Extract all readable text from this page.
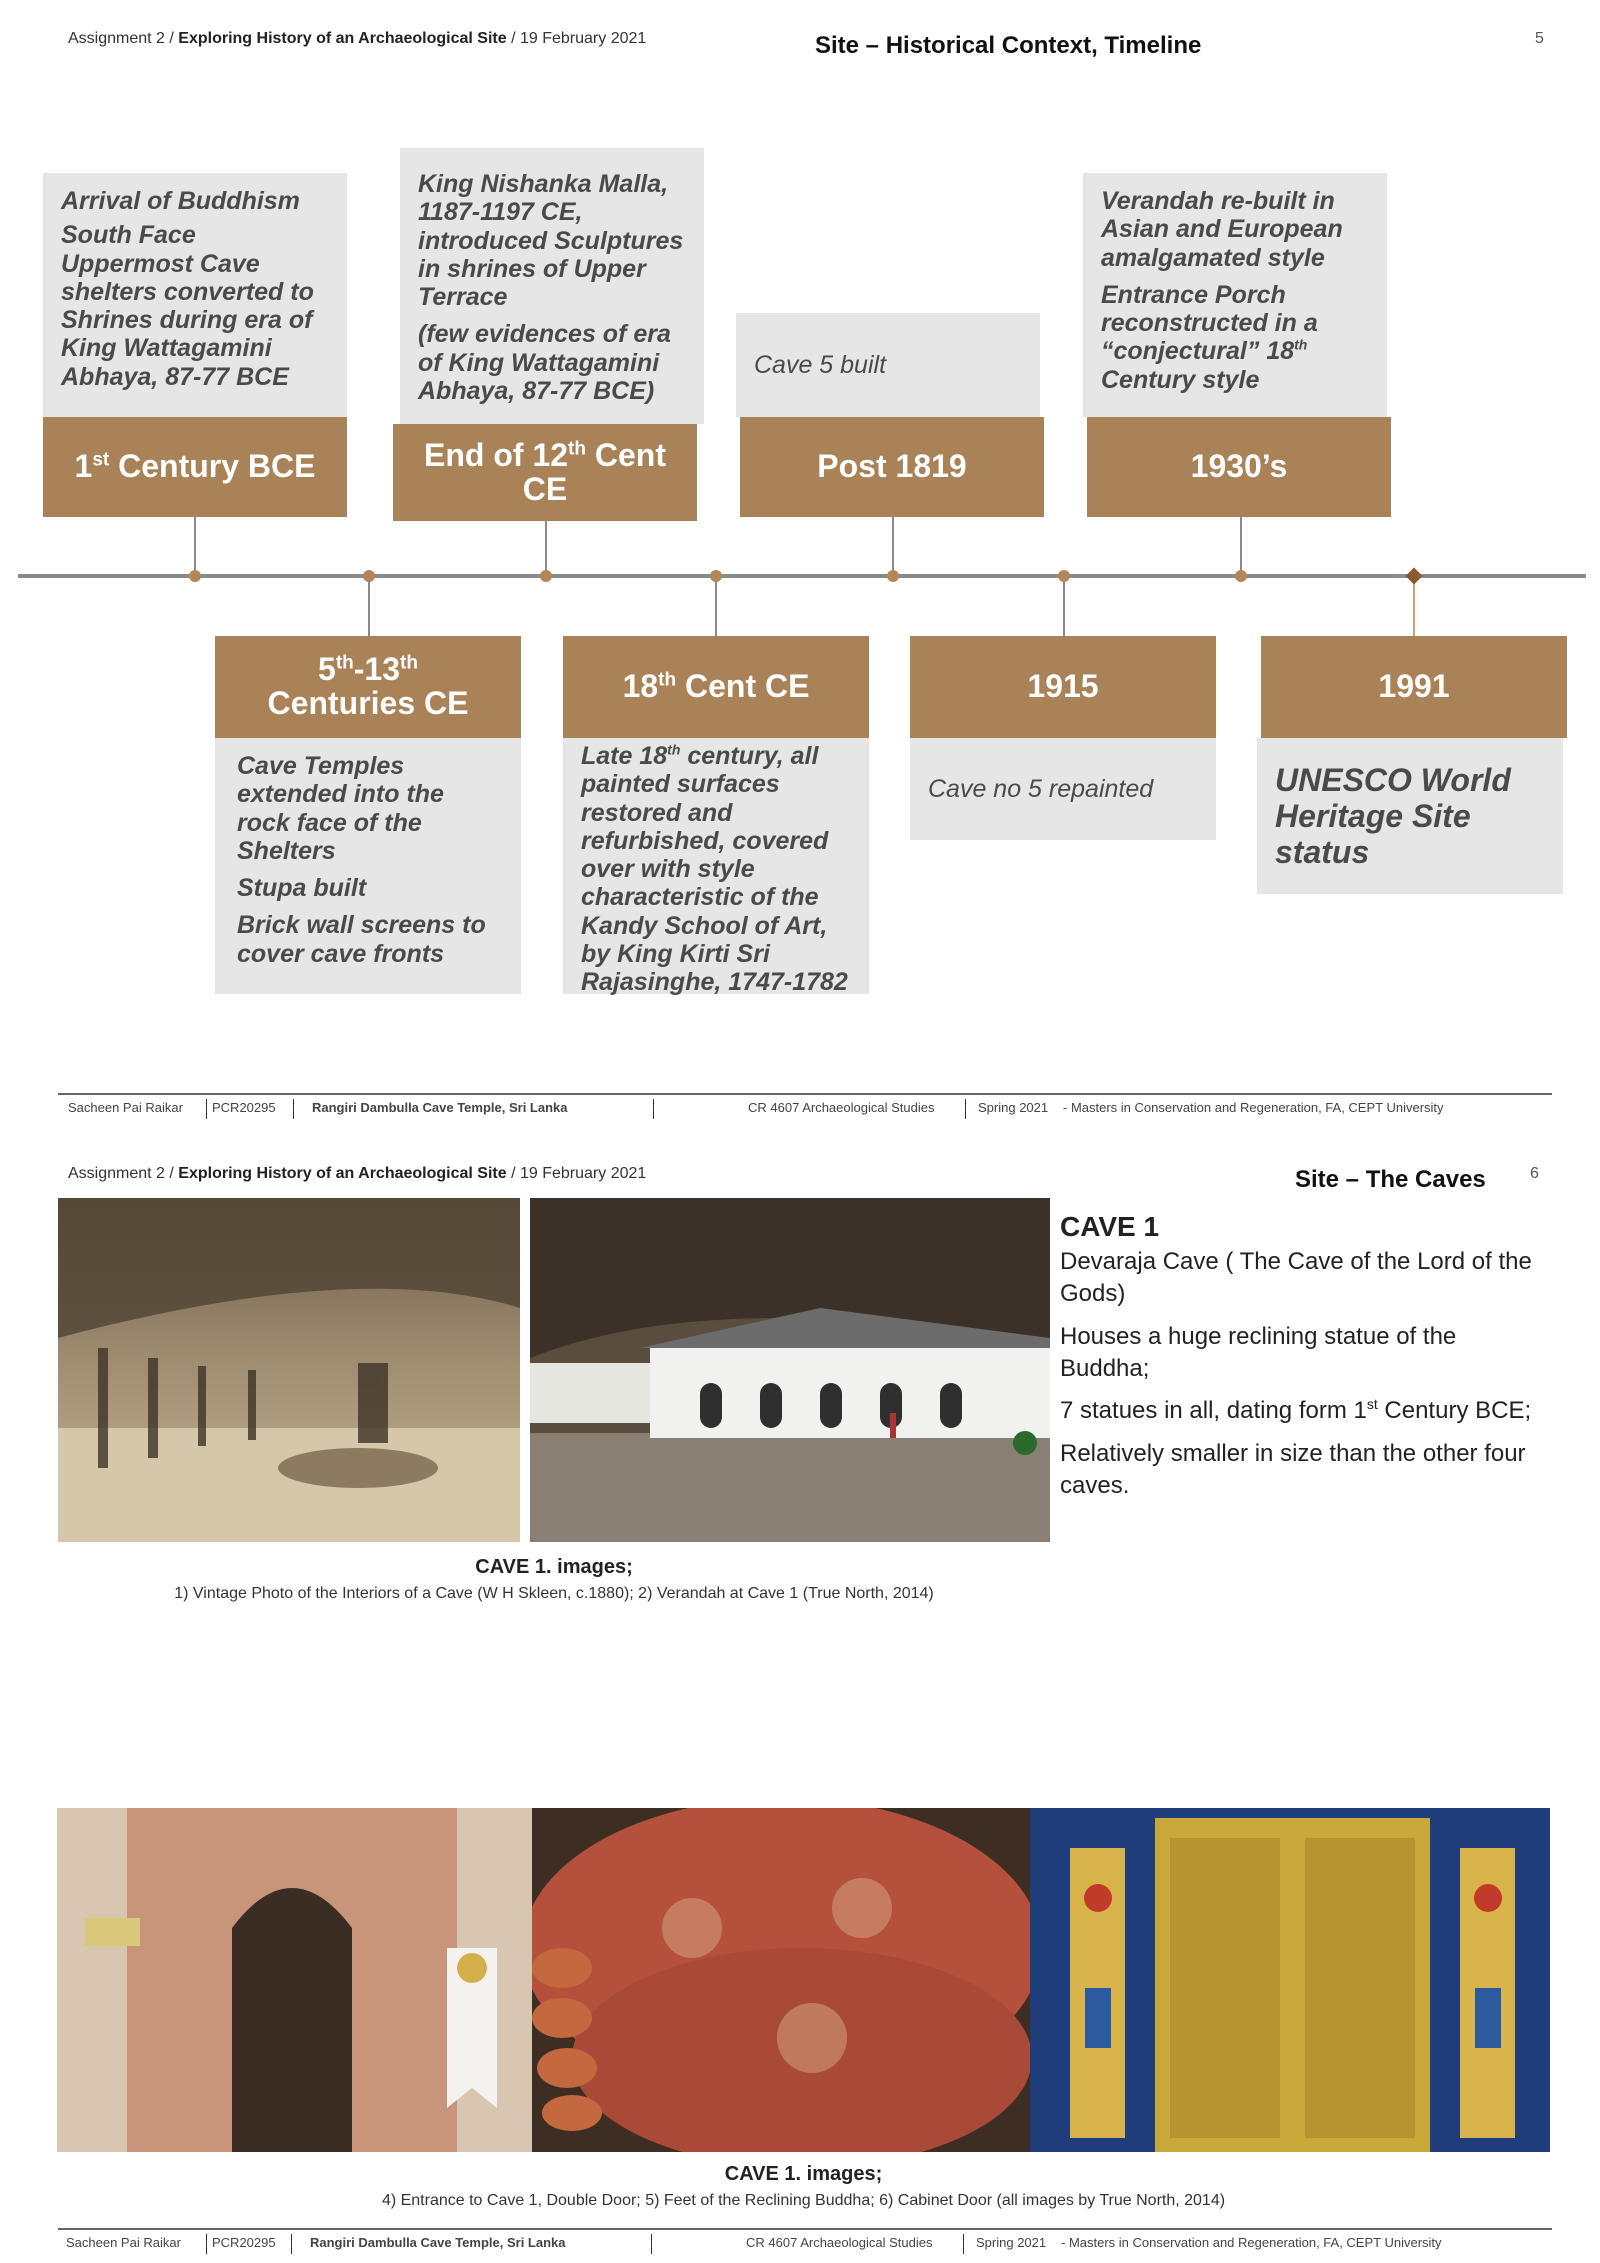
Assignment 2 / Exploring History of an Archaeological Site / 19 February 2021	Site – Historical Context, Timeline	5

Arrival of Buddhism

South Face Uppermost Cave shelters converted to Shrines during era of King Wattagamini Abhaya, 87-77 BCE

1st Century BCE

King Nishanka Malla, 1187-1197 CE, introduced Sculptures in shrines of Upper Terrace

(few evidences of era of King Wattagamini Abhaya, 87-77 BCE)

End of 12th Cent
CE

Cave 5 built

Post 1819

Verandah re-built in Asian and European amalgamated style

Entrance Porch reconstructed in a “conjectural” 18th Century style

1930’s
5th-13th
Centuries CE

Cave Temples extended into the rock face of the Shelters

Stupa built

Brick wall screens to cover cave fronts

18th Cent CE

Late 18th century, all painted surfaces restored and refurbished, covered over with style characteristic of the Kandy School of Art, by King Kirti Sri Rajasinghe, 1747-1782

1915

Cave no 5 repainted

1991

UNESCO World Heritage Site status

Sacheen Pai Raikar PCR20295	Rangiri Dambulla Cave Temple, Sri Lanka	CR 4607 Archaeological Studies	Spring 2021 - Masters in Conservation and Regeneration, FA, CEPT University
Assignment 2 / Exploring History of an Archaeological Site / 19 February 2021	Site – The Caves	6
CAVE 1

Devaraja Cave ( The Cave of the Lord of the Gods)

Houses a huge reclining statue of the Buddha;

7 statues in all, dating form 1st Century BCE;

Relatively smaller in size than the other four caves.

CAVE 1. images;
1) Vintage Photo of the Interiors of a Cave (W H Skleen, c.1880); 2) Verandah at Cave 1 (True North, 2014)
CAVE 1. images;
4) Entrance to Cave 1, Double Door; 5) Feet of the Reclining Buddha; 6) Cabinet Door (all images by True North, 2014)
Sacheen Pai Raikar PCR20295	Rangiri Dambulla Cave Temple, Sri Lanka	CR 4607 Archaeological Studies	Spring 2021 - Masters in Conservation and Regeneration, FA, CEPT University
